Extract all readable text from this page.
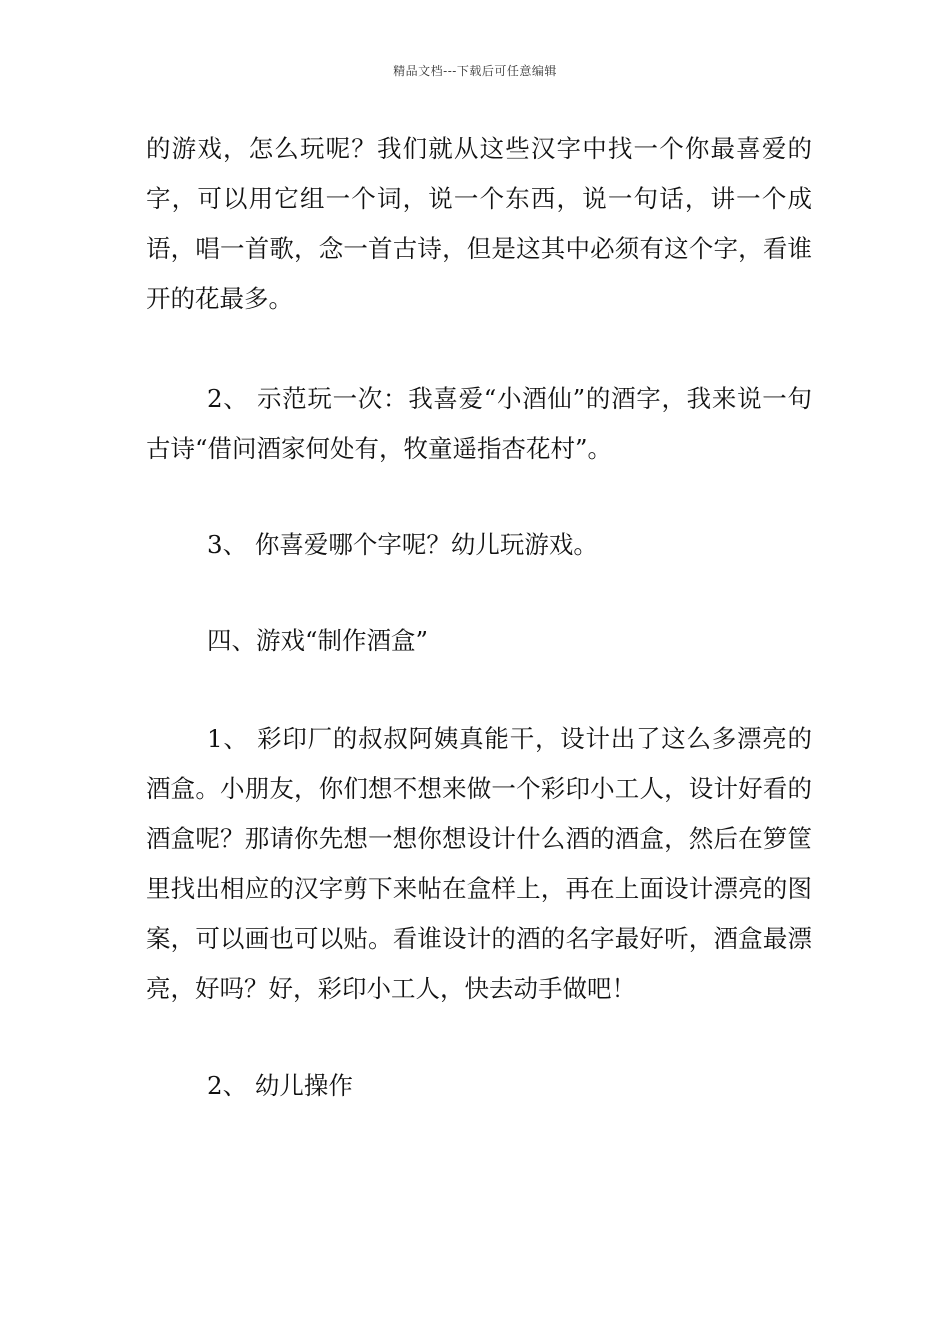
精品文档---下载后可任意编辑

的游戏，怎么玩呢？我们就从这些汉字中找一个你最喜爱的字，可以用它组一个词，说一个东西，说一句话，讲一个成语，唱一首歌，念一首古诗，但是这其中必须有这个字，看谁开的花最多。

2、 示范玩一次：我喜爱“小酒仙”的酒字，我来说一句古诗“借问酒家何处有，牧童遥指杏花村”。

3、 你喜爱哪个字呢？幼儿玩游戏。

四、游戏“制作酒盒”

1、 彩印厂的叔叔阿姨真能干，设计出了这么多漂亮的酒盒。小朋友，你们想不想来做一个彩印小工人，设计好看的酒盒呢？那请你先想一想你想设计什么酒的酒盒，然后在箩筐里找出相应的汉字剪下来帖在盒样上，再在上面设计漂亮的图案，可以画也可以贴。看谁设计的酒的名字最好听，酒盒最漂亮，好吗？好，彩印小工人，快去动手做吧！

2、 幼儿操作
